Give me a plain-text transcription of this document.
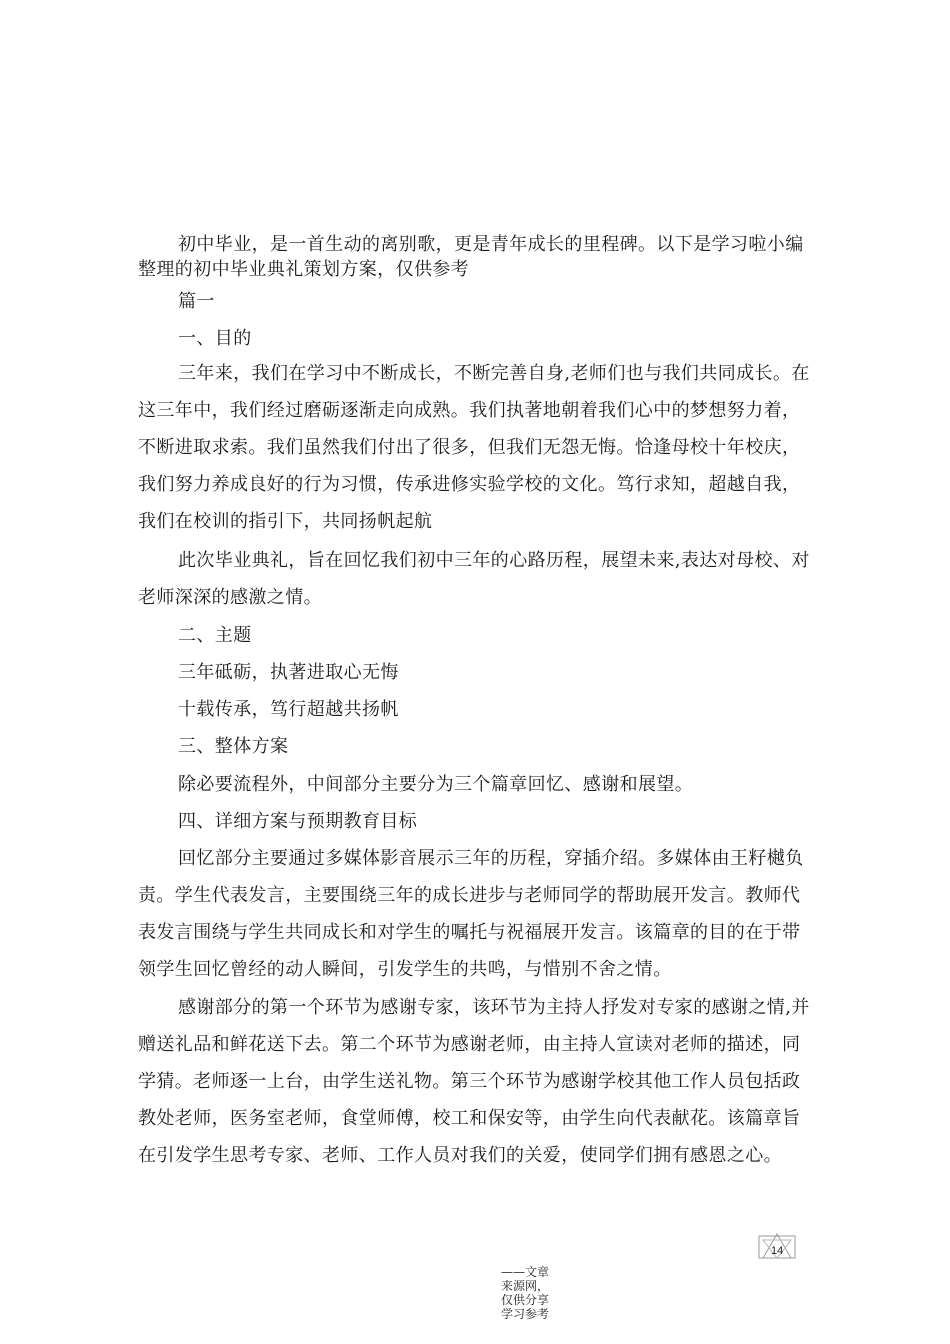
初中毕业，是一首生动的离别歌，更是青年成长的里程碑。以下是学习啦小编整理的初中毕业典礼策划方案，仅供参考

篇一

一、目的

三年来，我们在学习中不断成长，不断完善自身,老师们也与我们共同成长。在这三年中，我们经过磨砺逐渐走向成熟。我们执著地朝着我们心中的梦想努力着，不断进取求索。我们虽然我们付出了很多，但我们无怨无悔。恰逢母校十年校庆，我们努力养成良好的行为习惯，传承进修实验学校的文化。笃行求知，超越自我，我们在校训的指引下，共同扬帆起航

此次毕业典礼，旨在回忆我们初中三年的心路历程，展望未来,表达对母校、对老师深深的感激之情。

二、主题

三年砥砺，执著进取心无悔

十载传承，笃行超越共扬帆

三、整体方案

除必要流程外，中间部分主要分为三个篇章回忆、感谢和展望。

四、详细方案与预期教育目标

回忆部分主要通过多媒体影音展示三年的历程，穿插介绍。多媒体由王籽樾负责。学生代表发言，主要围绕三年的成长进步与老师同学的帮助展开发言。教师代表发言围绕与学生共同成长和对学生的嘱托与祝福展开发言。该篇章的目的在于带领学生回忆曾经的动人瞬间，引发学生的共鸣，与惜别不舍之情。

感谢部分的第一个环节为感谢专家，该环节为主持人抒发对专家的感谢之情,并赠送礼品和鲜花送下去。第二个环节为感谢老师，由主持人宣读对老师的描述，同学猜。老师逐一上台，由学生送礼物。第三个环节为感谢学校其他工作人员包括政教处老师，医务室老师，食堂师傅，校工和保安等，由学生向代表献花。该篇章旨在引发学生思考专家、老师、工作人员对我们的关爱，使同学们拥有感恩之心。

14

——文章来源网，仅供分享学习参考
